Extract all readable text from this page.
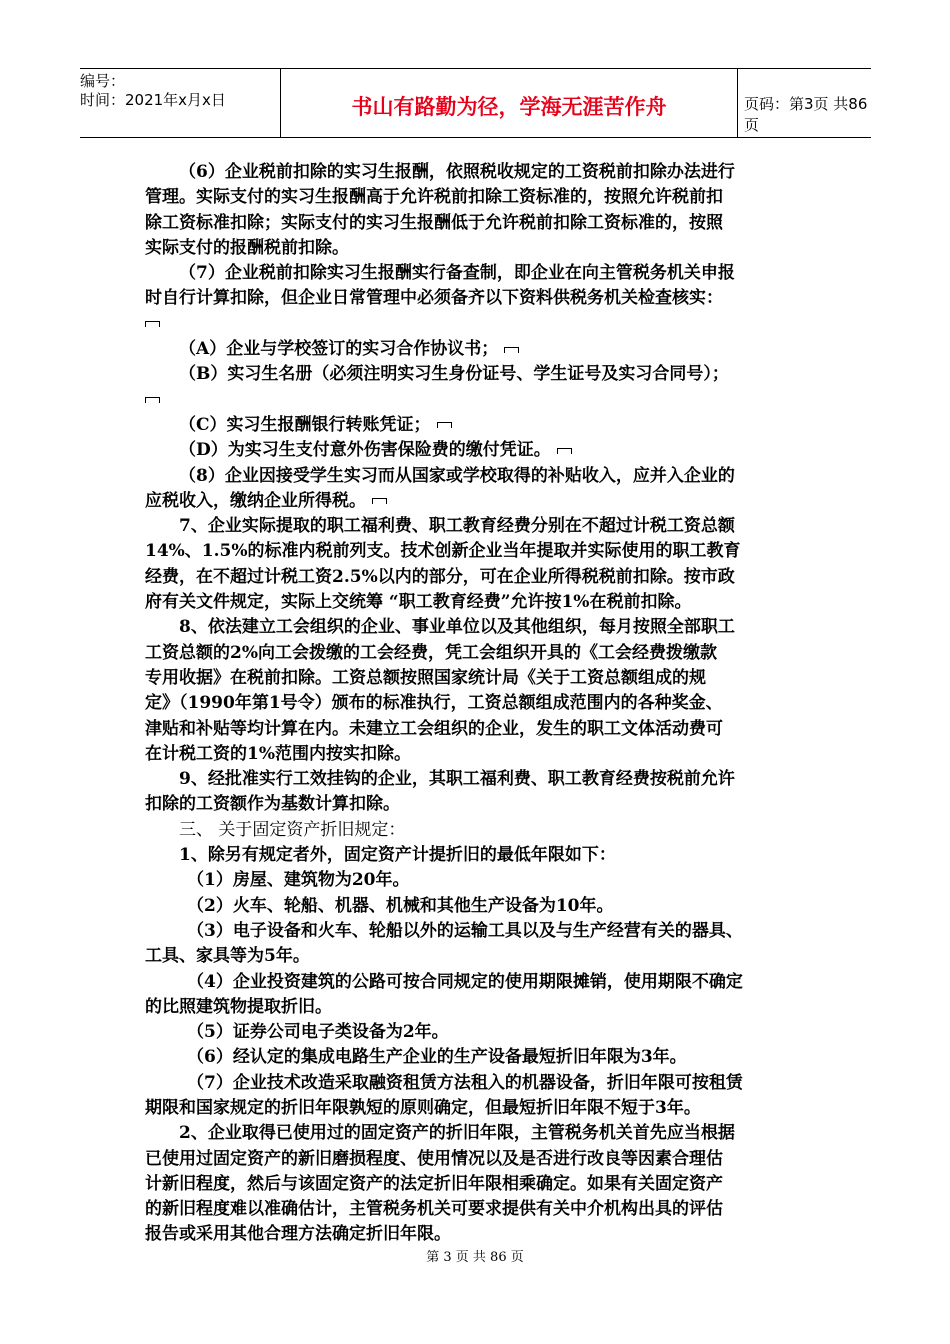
编号：
时间：2021年x月x日	书山有路勤为径，学海无涯苦作舟	页码：第3页 共86页
（6）企业税前扣除的实习生报酬，依照税收规定的工资税前扣除办法进行
管理。实际支付的实习生报酬高于允许税前扣除工资标准的，按照允许税前扣
除工资标准扣除；实际支付的实习生报酬低于允许税前扣除工资标准的，按照
实际支付的报酬税前扣除。
（7）企业税前扣除实习生报酬实行备查制，即企业在向主管税务机关申报
时自行计算扣除，但企业日常管理中必须备齐以下资料供税务机关检查核实：
（A）企业与学校签订的实习合作协议书；
（B）实习生名册（必须注明实习生身份证号、学生证号及实习合同号）；
（C）实习生报酬银行转账凭证；
（D）为实习生支付意外伤害保险费的缴付凭证。
（8）企业因接受学生实习而从国家或学校取得的补贴收入，应并入企业的
应税收入，缴纳企业所得税。
7、企业实际提取的职工福利费、职工教育经费分别在不超过计税工资总额
14%、1.5%的标准内税前列支。技术创新企业当年提取并实际使用的职工教育
经费，在不超过计税工资2.5%以内的部分，可在企业所得税税前扣除。按市政
府有关文件规定，实际上交统筹 “职工教育经费”允许按1%在税前扣除。
8、依法建立工会组织的企业、事业单位以及其他组织，每月按照全部职工
工资总额的2%向工会拨缴的工会经费，凭工会组织开具的《工会经费拨缴款
专用收据》在税前扣除。工资总额按照国家统计局《关于工资总额组成的规
定》（1990年第1号令）颁布的标准执行，工资总额组成范围内的各种奖金、
津贴和补贴等均计算在内。未建立工会组织的企业，发生的职工文体活动费可
在计税工资的1%范围内按实扣除。
9、经批准实行工效挂钩的企业，其职工福利费、职工教育经费按税前允许
扣除的工资额作为基数计算扣除。
三、 关于固定资产折旧规定：
1、除另有规定者外，固定资产计提折旧的最低年限如下：
（1）房屋、建筑物为20年。
（2）火车、轮船、机器、机械和其他生产设备为10年。
（3）电子设备和火车、轮船以外的运输工具以及与生产经营有关的器具、
工具、家具等为5年。
（4）企业投资建筑的公路可按合同规定的使用期限摊销，使用期限不确定
的比照建筑物提取折旧。
（5）证券公司电子类设备为2年。
（6）经认定的集成电路生产企业的生产设备最短折旧年限为3年。
（7）企业技术改造采取融资租赁方法租入的机器设备，折旧年限可按租赁
期限和国家规定的折旧年限孰短的原则确定，但最短折旧年限不短于3年。
2、企业取得已使用过的固定资产的折旧年限，主管税务机关首先应当根据
已使用过固定资产的新旧磨损程度、使用情况以及是否进行改良等因素合理估
计新旧程度，然后与该固定资产的法定折旧年限相乘确定。如果有关固定资产
的新旧程度难以准确估计，主管税务机关可要求提供有关中介机构出具的评估
报告或采用其他合理方法确定折旧年限。
第 3 页 共 86 页
